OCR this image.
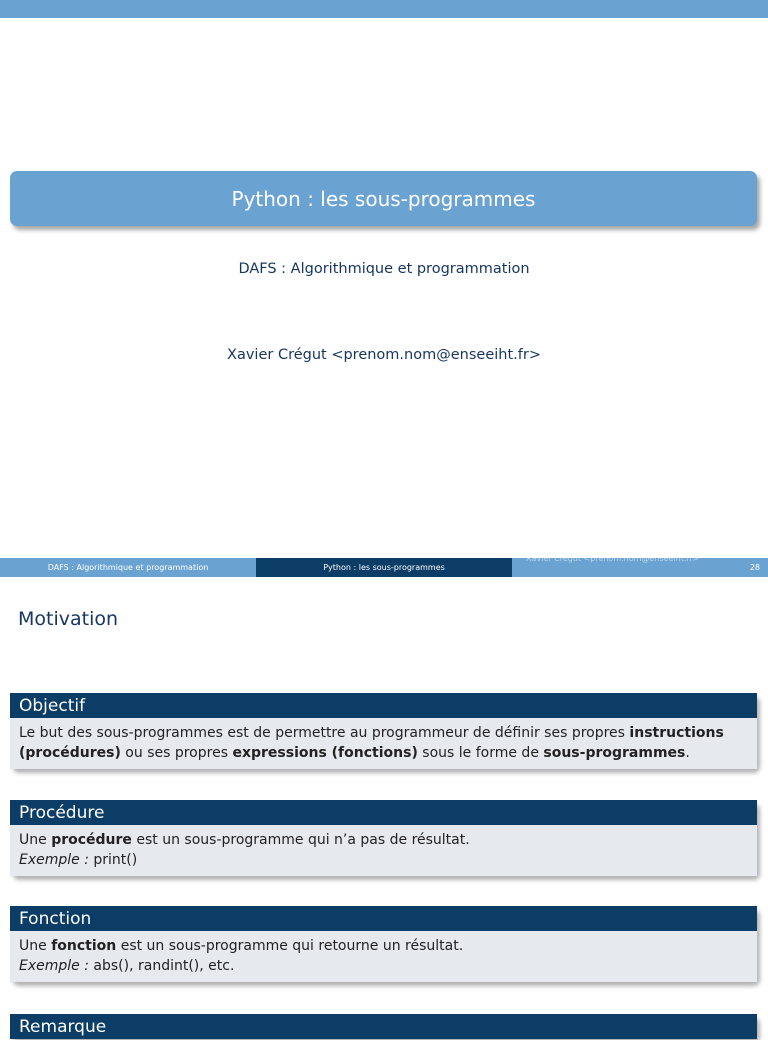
Python : les sous-programmes
DAFS : Algorithmique et programmation
Xavier Crégut <prenom.nom@enseeiht.fr>
DAFS : Algorithmique et programmation	Python : les sous-programmes
Xavier Crégut <prenom.nom@enseeiht.fr>
28
Motivation
Objectif
Le but des sous-programmes est de permettre au programmeur de définir ses propres instructions (procédures) ou ses propres expressions (fonctions) sous le forme de sous-programmes.
Procédure
Une procédure est un sous-programme qui n’a pas de résultat.
Exemple : print()
Fonction
Une fonction est un sous-programme qui retourne un résultat.
Exemple : abs(), randint(), etc.
Remarque
